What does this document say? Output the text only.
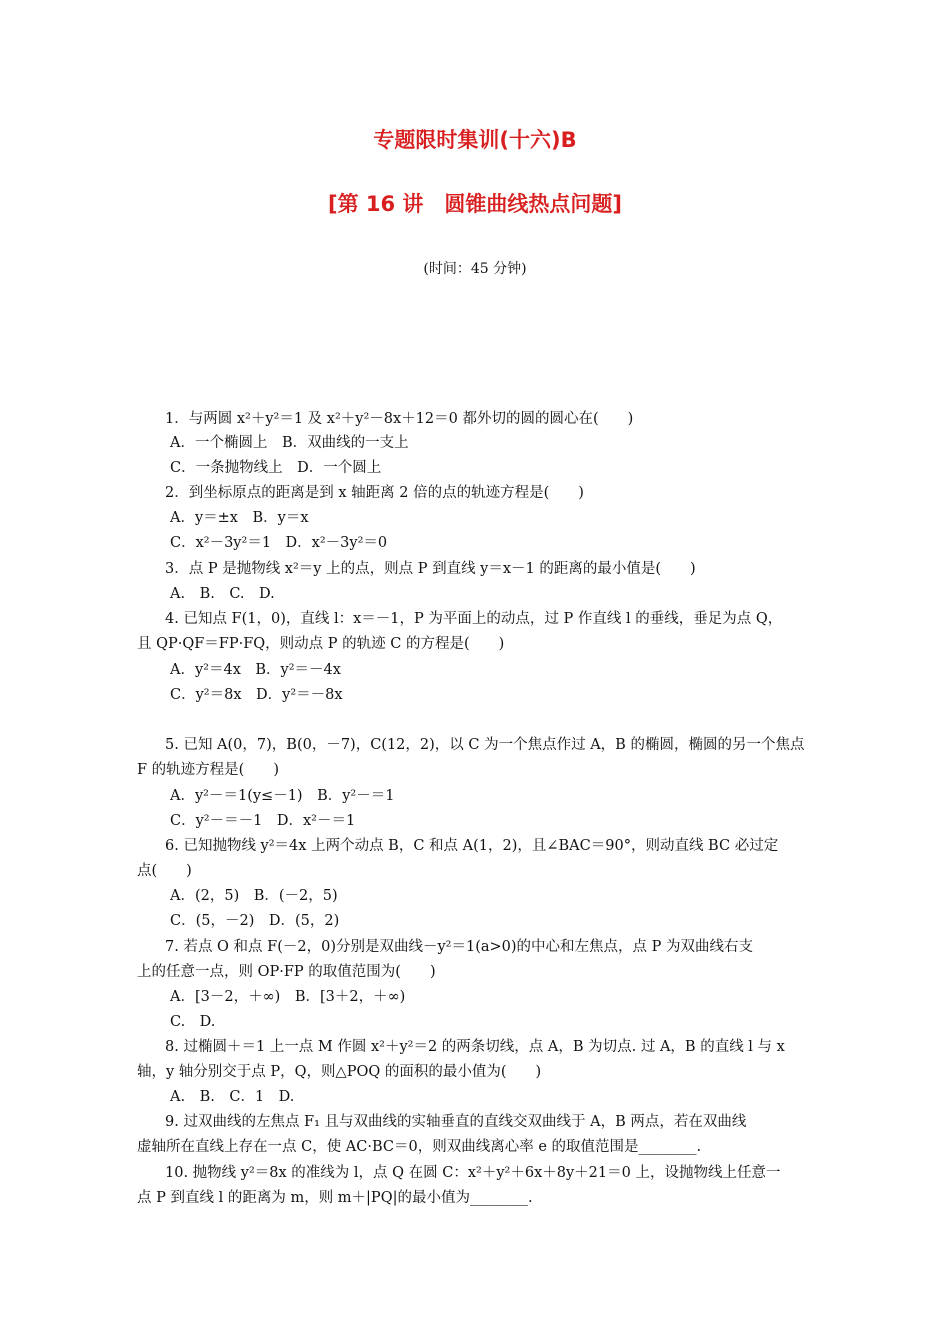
专题限时集训(十六)B
[第 16 讲　圆锥曲线热点问题]
(时间：45 分钟)
1．与两圆 x²＋y²＝1 及 x²＋y²－8x＋12＝0 都外切的圆的圆心在(　　)
A．一个椭圆上　B．双曲线的一支上
C．一条抛物线上　D．一个圆上
2．到坐标原点的距离是到 x 轴距离 2 倍的点的轨迹方程是(　　)
A．y＝±x　B．y＝x
C．x²－3y²＝1　D．x²－3y²＝0
3．点 P 是抛物线 x²＝y 上的点，则点 P 到直线 y＝x－1 的距离的最小值是(　　)
A.　B.　C.　D.
4. 已知点 F(1，0)，直线 l：x＝－1，P 为平面上的动点，过 P 作直线 l 的垂线，垂足为点 Q，
且 QP·QF＝FP·FQ，则动点 P 的轨迹 C 的方程是(　　)
A．y²＝4x　B．y²＝－4x
C．y²＝8x　D．y²＝－8x
5. 已知 A(0，7)，B(0，－7)，C(12，2)，以 C 为一个焦点作过 A，B 的椭圆，椭圆的另一个焦点
F 的轨迹方程是(　　)
A．y²－＝1(y≤－1)　B．y²－＝1
C．y²－＝－1　D．x²－＝1
6. 已知抛物线 y²＝4x 上两个动点 B，C 和点 A(1，2)，且∠BAC＝90°，则动直线 BC 必过定
点(　　)
A．(2，5)　B．(－2，5)
C．(5，－2)　D．(5，2)
7. 若点 O 和点 F(－2，0)分别是双曲线－y²＝1(a>0)的中心和左焦点，点 P 为双曲线右支
上的任意一点，则 OP·FP 的取值范围为(　　)
A．[3－2，＋∞)　B．[3＋2，＋∞)
C.　D.
8. 过椭圆＋＝1 上一点 M 作圆 x²＋y²＝2 的两条切线，点 A，B 为切点. 过 A，B 的直线 l 与 x
轴，y 轴分别交于点 P，Q，则△POQ 的面积的最小值为(　　)
A.　B.　C．1　D.
9. 过双曲线的左焦点 F₁ 且与双曲线的实轴垂直的直线交双曲线于 A，B 两点，若在双曲线
虚轴所在直线上存在一点 C，使 AC·BC＝0，则双曲线离心率 e 的取值范围是________.
10. 抛物线 y²＝8x 的准线为 l，点 Q 在圆 C：x²＋y²＋6x＋8y＋21＝0 上，设抛物线上任意一
点 P 到直线 l 的距离为 m，则 m＋|PQ|的最小值为________.
